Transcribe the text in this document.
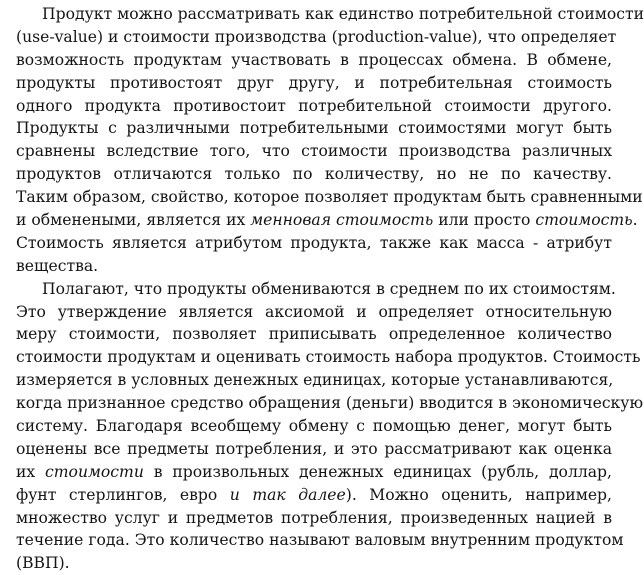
Продукт можно рассматривать как единство потребительной стоимости
(use-value) и стоимости производства (production-value), что определяет
возможность продуктам участвовать в процессах обмена. В обмене,
продукты противостоят друг другу, и потребительная стоимость
одного продукта противостоит потребительной стоимости другого.
Продукты с различными потребительными стоимостями могут быть
сравнены вследствие того, что стоимости производства различных
продуктов отличаются только по количеству, но не по качеству.
Таким образом, свойство, которое позволяет продуктам быть сравненными
и обменеными, является их менновая стоимость или просто стоимость.
Стоимость является атрибутом продукта, также как масса - атрибут
вещества.
Полагают, что продукты обмениваются в среднем по их стоимостям.
Это утверждение является аксиомой и определяет относительную
меру стоимости, позволяет приписывать определенное количество
стоимости продуктам и оценивать стоимость набора продуктов. Стоимость
измеряется в условных денежных единицах, которые устанавливаются,
когда признанное средство обращения (деньги) вводится в экономическую
систему. Благодаря всеобщему обмену с помощью денег, могут быть
оценены все предметы потребления, и это рассматривают как оценка
их стоимости в произвольных денежных единицах (рубль, доллар,
фунт стерлингов, евро и так далее). Можно оценить, например,
множество услуг и предметов потребления, произведенных нацией в
течение года. Это количество называют валовым внутренним продуктом
(ВВП).
